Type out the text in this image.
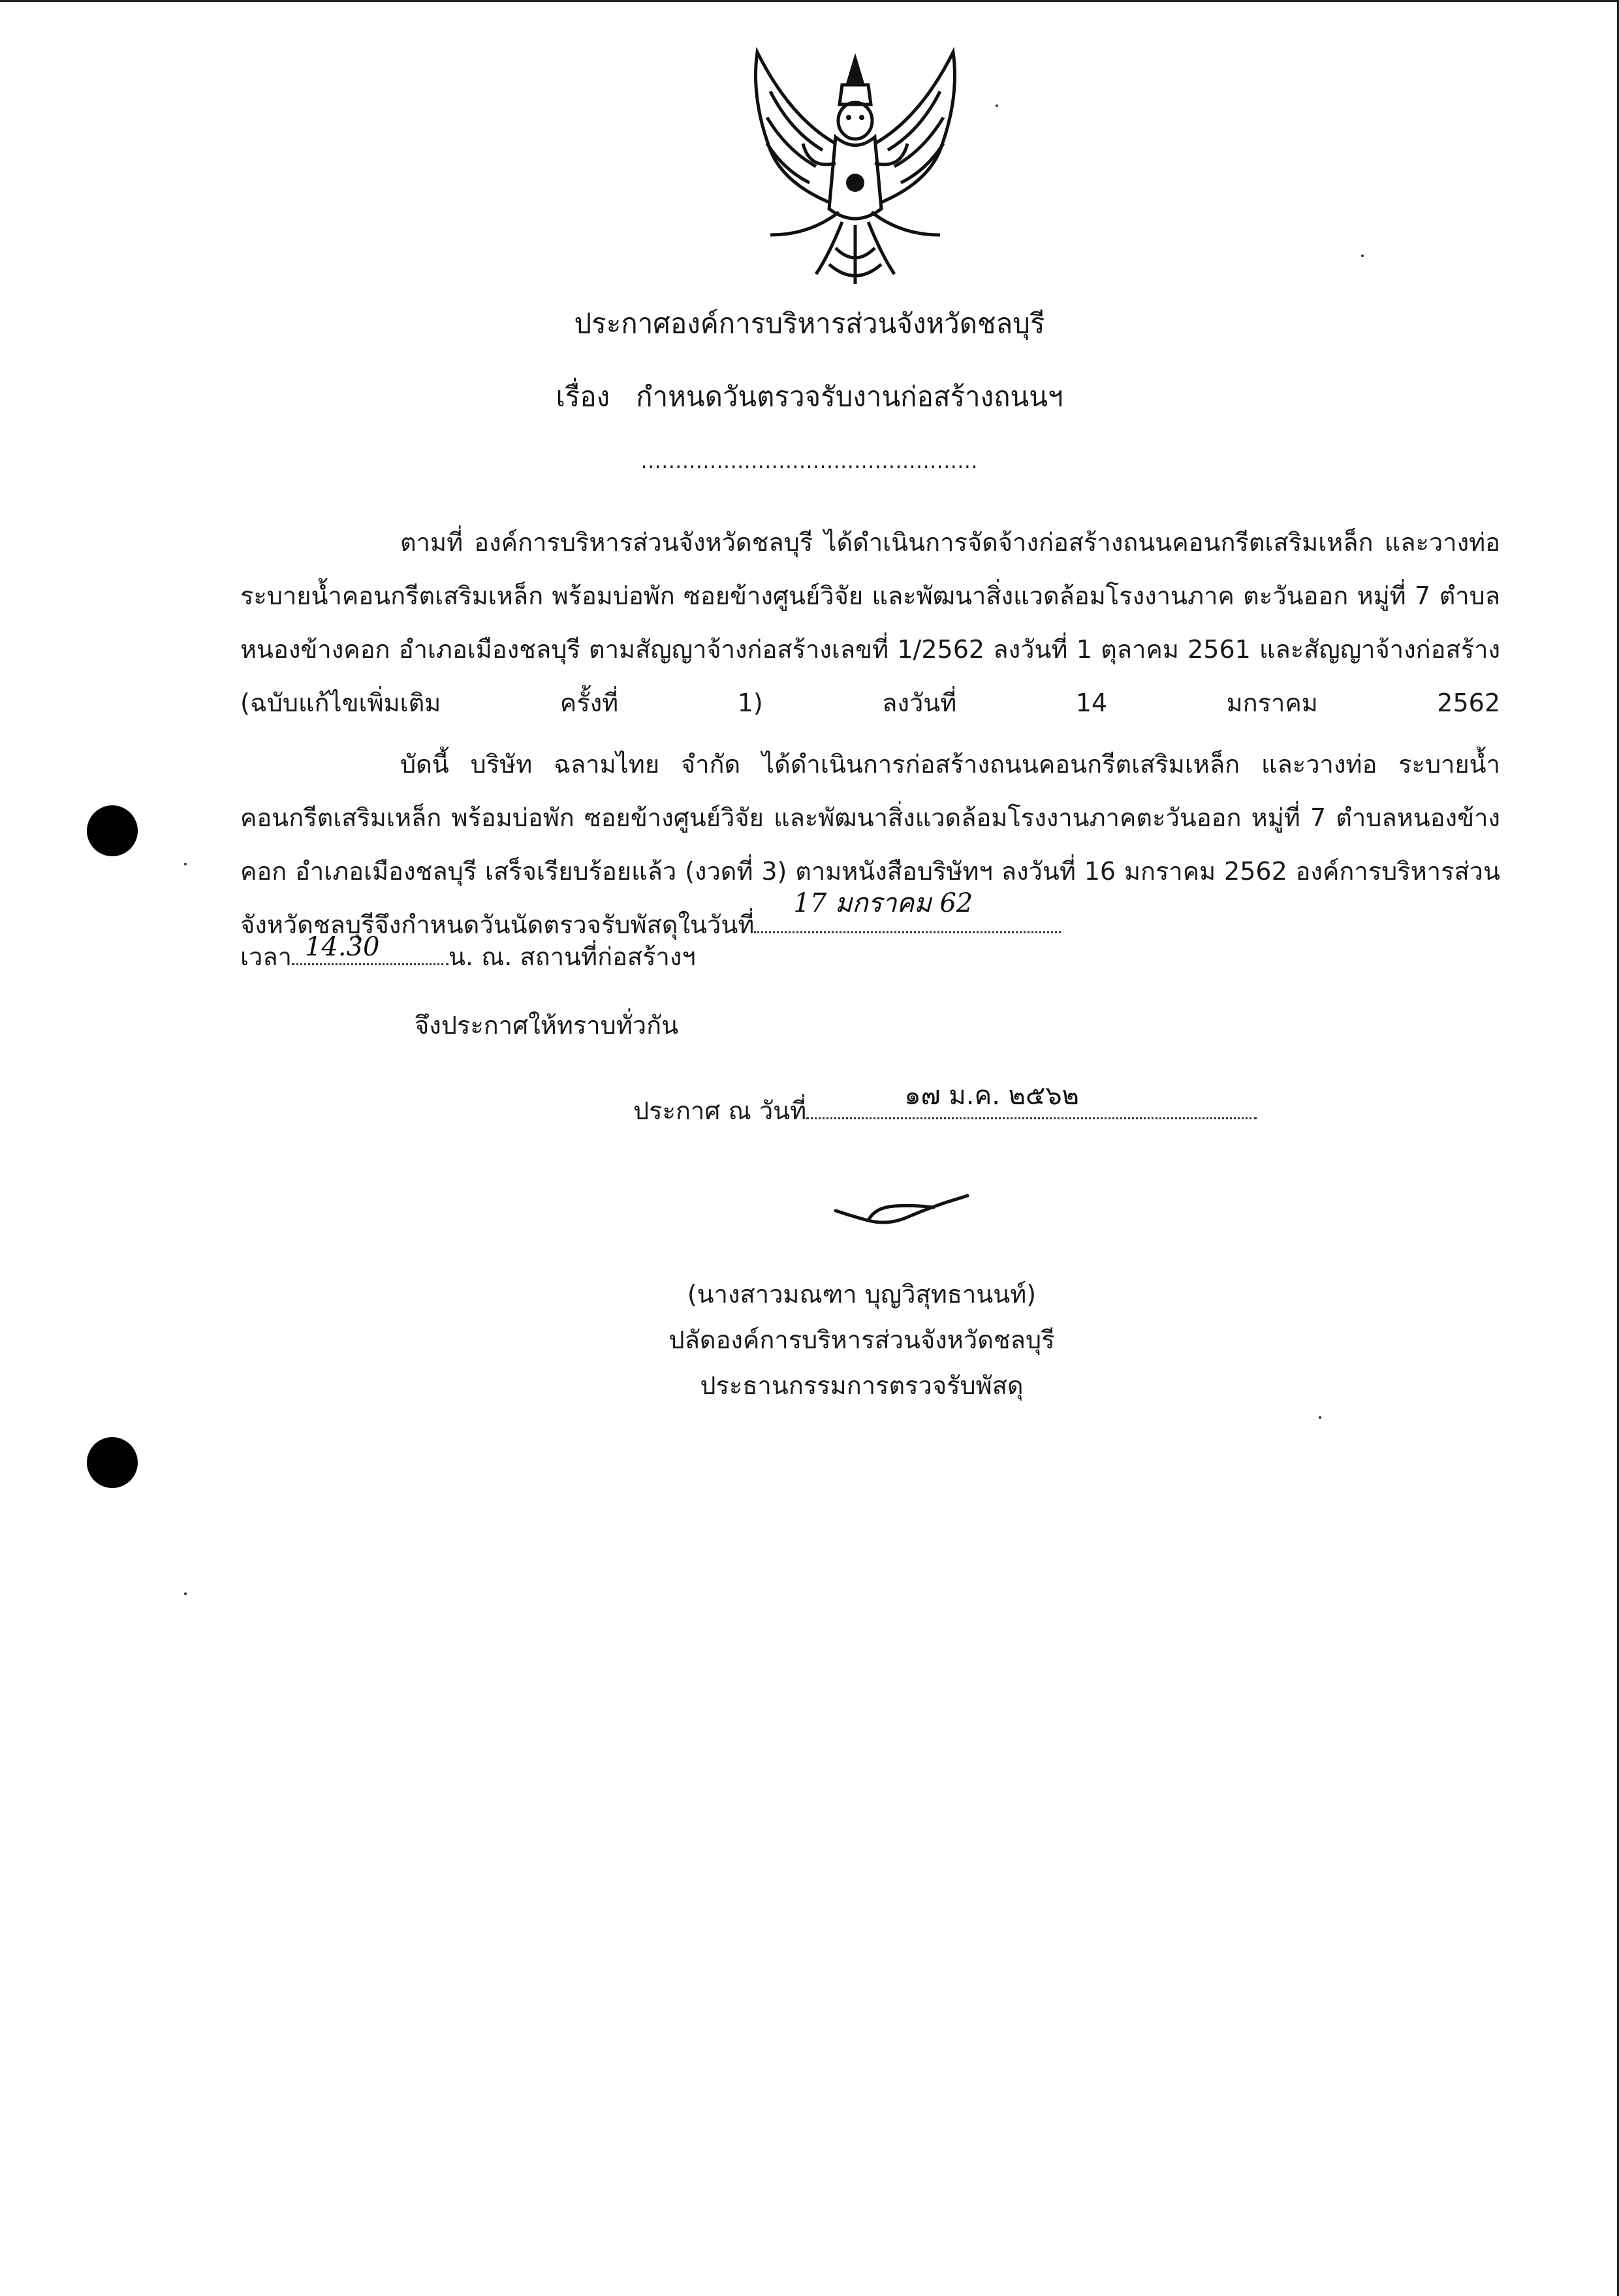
ประกาศองค์การบริหารส่วนจังหวัดชลบุรี
เรื่อง กำหนดวันตรวจรับงานก่อสร้างถนนฯ
.................................................

ตามที่ องค์การบริหารส่วนจังหวัดชลบุรี ได้ดำเนินการจัดจ้างก่อสร้างถนนคอนกรีตเสริมเหล็ก และวางท่อระบายน้ำคอนกรีตเสริมเหล็ก พร้อมบ่อพัก ซอยข้างศูนย์วิจัย และพัฒนาสิ่งแวดล้อมโรงงานภาค ตะวันออก หมู่ที่ 7 ตำบลหนองข้างคอก อำเภอเมืองชลบุรี ตามสัญญาจ้างก่อสร้างเลขที่ 1/2562 ลงวันที่ 1 ตุลาคม 2561 และสัญญาจ้างก่อสร้าง (ฉบับแก้ไขเพิ่มเติม ครั้งที่ 1) ลงวันที่ 14 มกราคม 2562

บัดนี้ บริษัท ฉลามไทย จำกัด ได้ดำเนินการก่อสร้างถนนคอนกรีตเสริมเหล็ก และวางท่อ ระบายน้ำคอนกรีตเสริมเหล็ก พร้อมบ่อพัก ซอยข้างศูนย์วิจัย และพัฒนาสิ่งแวดล้อมโรงงานภาคตะวันออก หมู่ที่ 7 ตำบลหนองข้างคอก อำเภอเมืองชลบุรี เสร็จเรียบร้อยแล้ว (งวดที่ 3) ตามหนังสือบริษัทฯ ลงวันที่ 16 มกราคม 2562 องค์การบริหารส่วนจังหวัดชลบุรีจึงกำหนดวันนัดตรวจรับพัสดุในวันที่
17 มกราคม 62

เวลา 14.30	น. ณ. สถานที่ก่อสร้างฯ
จึงประกาศให้ทราบทั่วกัน
ประกาศ ณ วันที่	๑๗ ม.ค. ๒๕๖๒
(นางสาวมณฑา บุญวิสุทธานนท์)
ปลัดองค์การบริหารส่วนจังหวัดชลบุรี
ประธานกรรมการตรวจรับพัสดุ
